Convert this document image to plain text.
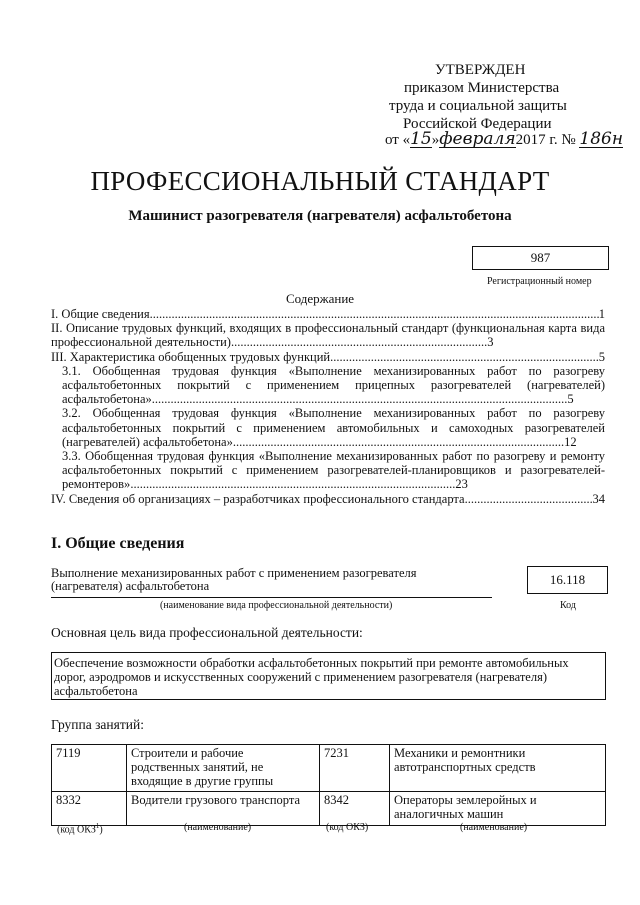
УТВЕРЖДЕН
приказом Министерства
труда и социальной защиты
Российской Федерации
от «15»февраля2017 г. № 186н
ПРОФЕССИОНАЛЬНЫЙ СТАНДАРТ
Машинист разогревателя (нагревателя) асфальтобетона
987
Регистрационный номер
Содержание

I. Общие сведения .....	1

II. Описание трудовых функций, входящих в профессиональный стандарт (функциональная карта вида профессиональной деятельности)..................................................................................3

III. Характеристика обобщенных трудовых функций .....	5

3.1. Обобщенная трудовая функция «Выполнение механизированных работ по разогреву асфальтобетонных покрытий с применением прицепных разогревателей (нагревателей) асфальтобетона».....................................................................................................................................5

3.2. Обобщенная трудовая функция «Выполнение механизированных работ по разогреву асфальтобетонных покрытий с применением автомобильных и самоходных разогревателей (нагревателей) асфальтобетона»..........................................................................................................12

3.3. Обобщенная трудовая функция «Выполнение механизированных работ по разогреву и ремонту асфальтобетонных покрытий с применением разогревателей-планировщиков и разогревателей-ремонтеров»........................................................................................................23

IV. Сведения об организациях – разработчиках профессионального стандарта .....	34

I. Общие сведения
Выполнение механизированных работ с применением разогревателя
(нагревателя) асфальтобетона
(наименование вида профессиональной деятельности)
16.118
Код
Основная цель вида профессиональной деятельности:
Обеспечение возможности обработки асфальтобетонных покрытий при ремонте автомобильных дорог, аэродромов и искусственных сооружений с применением разогревателя (нагревателя) асфальтобетона
Группа занятий:
7119	Строители и рабочие родственных занятий, не входящие в другие группы	7231	Механики и ремонтники автотранспортных средств
8332	Водители грузового транспорта	8342	Операторы землеройных и аналогичных машин
(код ОКЗ$^1$)	(наименование)	(код ОКЗ)	(наименование)
